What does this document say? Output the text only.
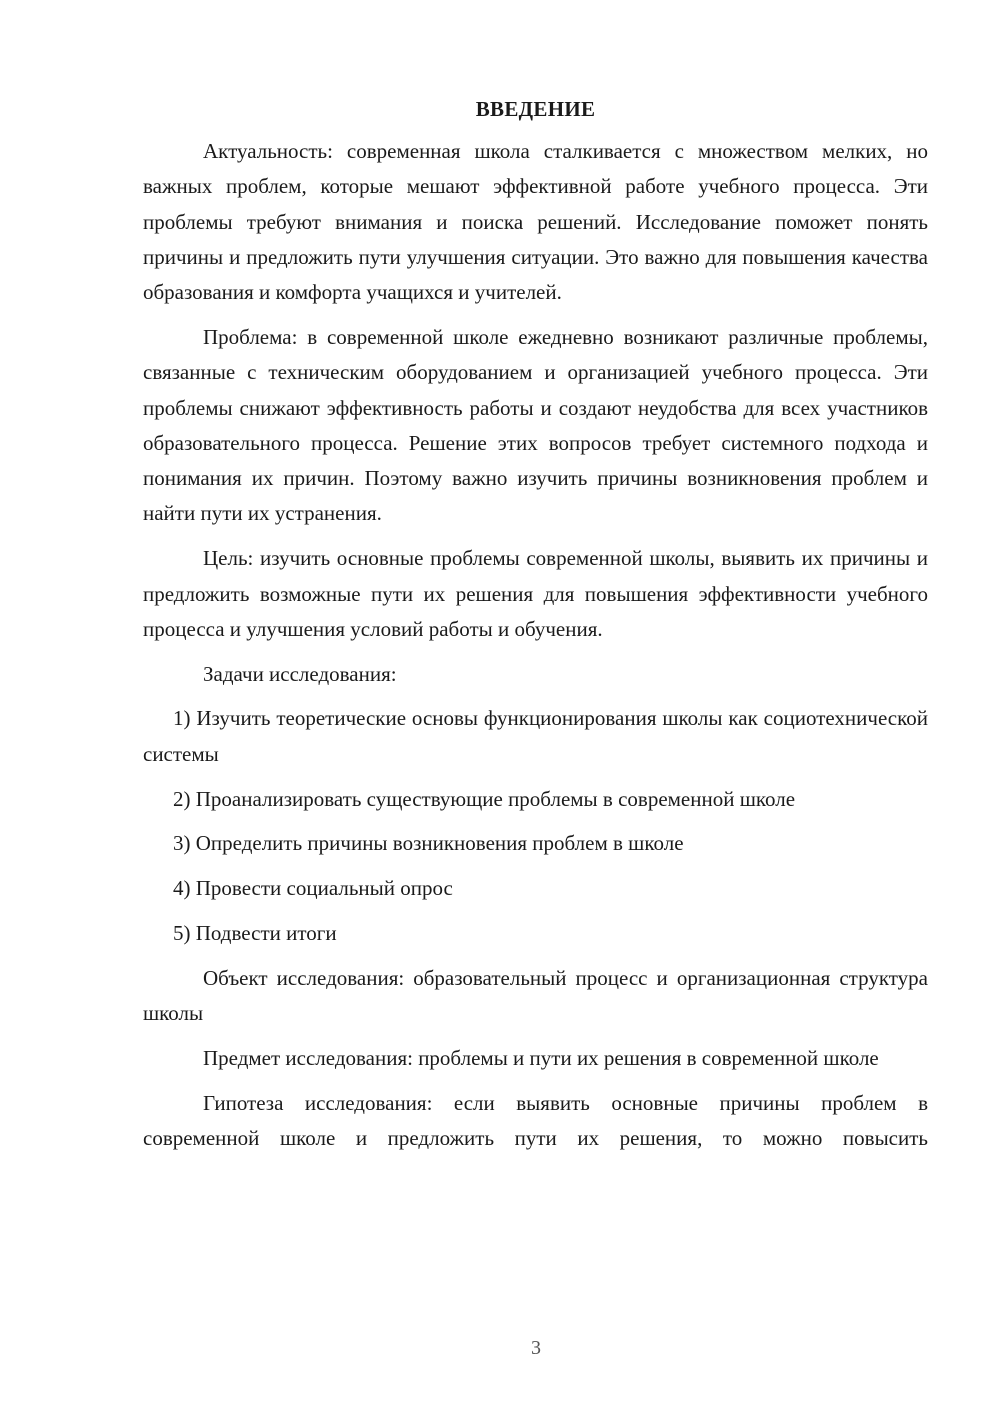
ВВЕДЕНИЕ

Актуальность: современная школа сталкивается с множеством мелких, но важных проблем, которые мешают эффективной работе учебного процесса. Эти проблемы требуют внимания и поиска решений. Исследование поможет понять причины и предложить пути улучшения ситуации. Это важно для повышения качества образования и комфорта учащихся и учителей.

Проблема: в современной школе ежедневно возникают различные проблемы, связанные с техническим оборудованием и организацией учебного процесса. Эти проблемы снижают эффективность работы и создают неудобства для всех участников образовательного процесса. Решение этих вопросов требует системного подхода и понимания их причин. Поэтому важно изучить причины возникновения проблем и найти пути их устранения.

Цель: изучить основные проблемы современной школы, выявить их причины и предложить возможные пути их решения для повышения эффективности учебного процесса и улучшения условий работы и обучения.

Задачи исследования:

1) Изучить теоретические основы функционирования школы как социотехнической системы

2) Проанализировать существующие проблемы в современной школе

3) Определить причины возникновения проблем в школе

4) Провести социальный опрос

5) Подвести итоги

Объект исследования: образовательный процесс и организационная структура школы

Предмет исследования: проблемы и пути их решения в современной школе

Гипотеза исследования: если выявить основные причины проблем в современной школе и предложить пути их решения, то можно повысить

3
